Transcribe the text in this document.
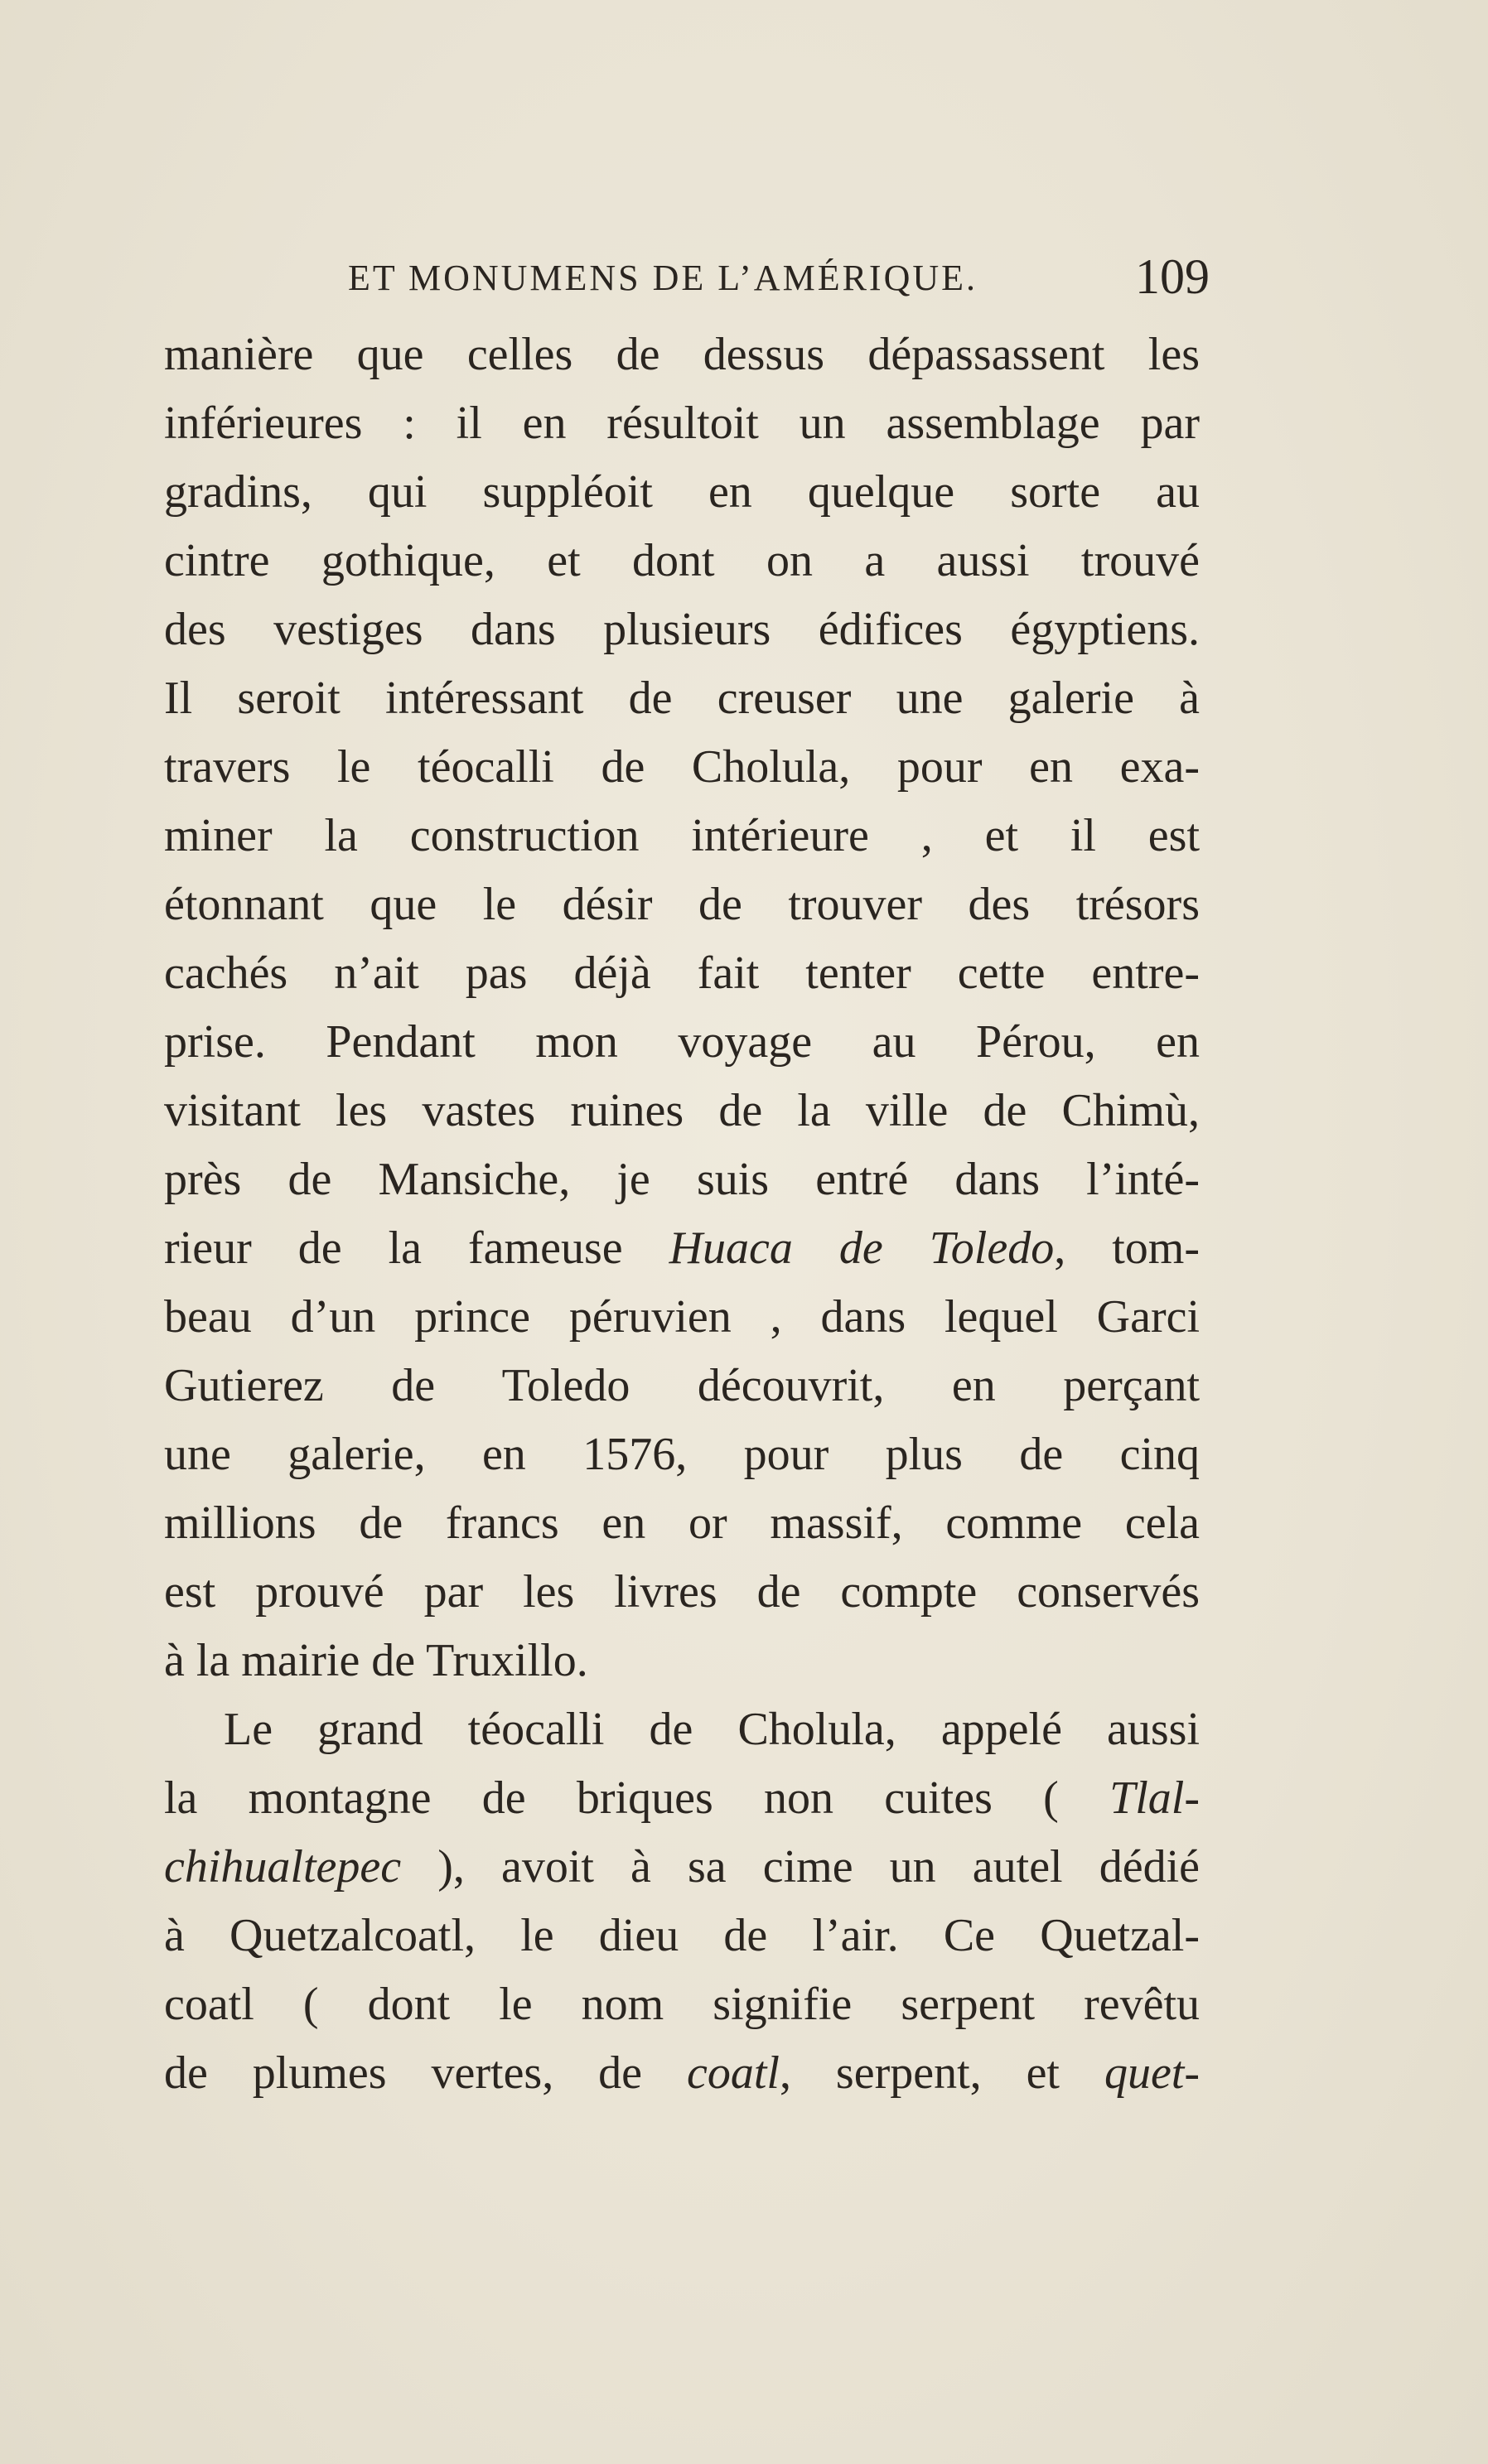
ET MONUMENS DE L’AMÉRIQUE.	109
manière que celles de dessus dépassassent les
inférieures : il en résultoit un assemblage par
gradins, qui suppléoit en quelque sorte au
cintre gothique, et dont on a aussi trouvé
des vestiges dans plusieurs édifices égyptiens.
Il seroit intéressant de creuser une galerie à
travers le téocalli de Cholula, pour en exa-
miner la construction intérieure , et il est
étonnant que le désir de trouver des trésors
cachés n’ait pas déjà fait tenter cette entre-
prise. Pendant mon voyage au Pérou, en
visitant les vastes ruines de la ville de Chimù,
près de Mansiche, je suis entré dans l’inté-
rieur de la fameuse Huaca de Toledo, tom-
beau d’un prince péruvien , dans lequel Garci
Gutierez de Toledo découvrit, en perçant
une galerie, en 1576, pour plus de cinq
millions de francs en or massif, comme cela
est prouvé par les livres de compte conservés
à la mairie de Truxillo.
Le grand téocalli de Cholula, appelé aussi
la montagne de briques non cuites ( Tlal-
chihualtepec ), avoit à sa cime un autel dédié
à Quetzalcoatl, le dieu de l’air. Ce Quetzal-
coatl ( dont le nom signifie serpent revêtu
de plumes vertes, de coatl, serpent, et quet-
